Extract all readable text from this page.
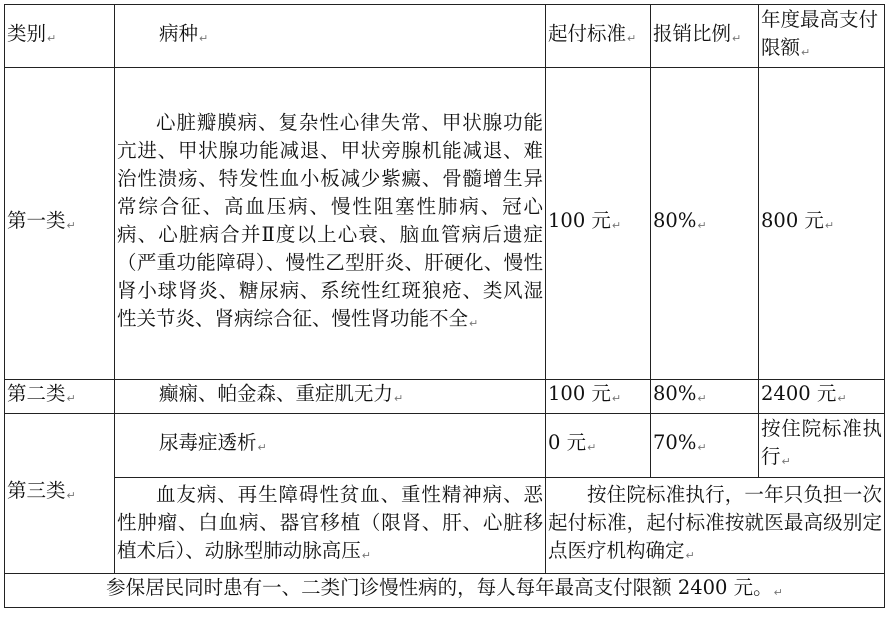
类别↵	病种↵	起付标准↵	报销比例↵	年度最高支付限额↵
第一类↵	心脏瓣膜病、复杂性心律失常、甲状腺功能亢进、甲状腺功能减退、甲状旁腺机能减退、难治性溃疡、特发性血小板减少紫癜、骨髓增生异常综合征、高血压病、慢性阻塞性肺病、冠心病、心脏病合并Ⅱ度以上心衰、脑血管病后遗症（严重功能障碍）、慢性乙型肝炎、肝硬化、慢性肾小球肾炎、糖尿病、系统性红斑狼疮、类风湿性关节炎、肾病综合征、慢性肾功能不全↵	100 元↵	80%↵	800 元↵
第二类↵	癫痫、帕金森、重症肌无力↵	100 元↵	80%↵	2400 元↵
第三类↵	尿毒症透析↵	0 元↵	70%↵	按住院标准执行↵
	血友病、再生障碍性贫血、重性精神病、恶性肿瘤、白血病、器官移植（限肾、肝、心脏移植术后）、动脉型肺动脉高压↵	按住院标准执行，一年只负担一次起付标准，起付标准按就医最高级别定点医疗机构确定↵		
参保居民同时患有一、二类门诊慢性病的，每人每年最高支付限额 2400 元。↵				
